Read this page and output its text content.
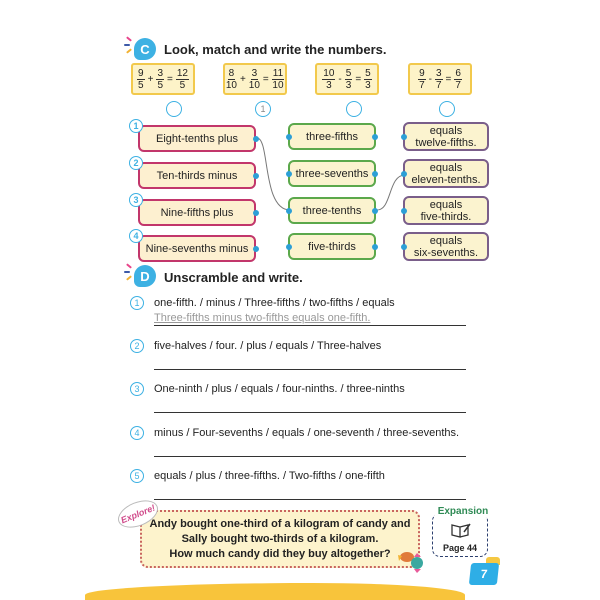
C	Look, match and write the numbers.
$\frac{9}{5} + \frac{3}{5} = \frac{12}{5}$	$\frac{8}{10} + \frac{3}{10} = \frac{11}{10}$	$\frac{10}{3} - \frac{5}{3} = \frac{5}{3}$	$\frac{9}{7} - \frac{3}{7} = \frac{6}{7}$
1
Eight-tenths plus
1
Ten-thirds minus
2
Nine-fifths plus
3
Nine-sevenths minus
4
three-fifths
three-sevenths
three-tenths
five-thirds
equals
twelve-fifths.
equals
eleven-tenths.
equals
five-thirds.
equals
six-sevenths.
D	Unscramble and write.
1	one-fifth. / minus / Three-fifths / two-fifths / equals
Three-fifths minus two-fifths equals one-fifth.
2	five-halves / four. / plus / equals / Three-halves
3	One-ninth / plus / equals / four-ninths. / three-ninths
4	minus / Four-sevenths / equals / one-seventh / three-sevenths.
5	equals / plus / three-fifths. / Two-fifths / one-fifth
Andy bought one-third of a kilogram of candy and
Sally bought two-thirds of a kilogram.
How much candy did they buy altogether?
Explore!	Expansion
Page 44
7
